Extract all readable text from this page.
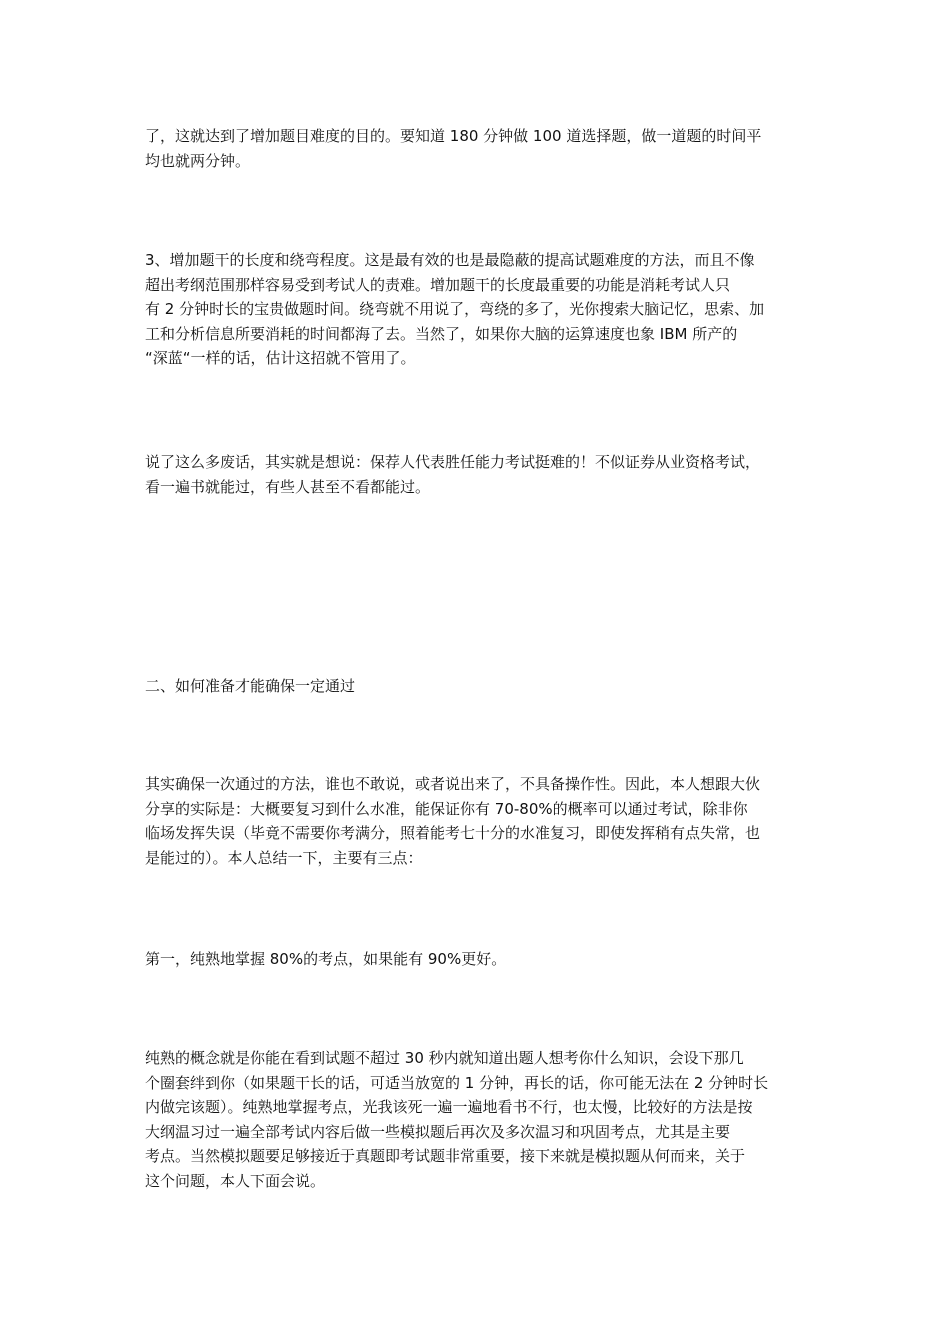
了，这就达到了增加题目难度的目的。要知道 180 分钟做 100 道选择题，做一道题的时间平
均也就两分钟。
3、增加题干的长度和绕弯程度。这是最有效的也是最隐蔽的提高试题难度的方法，而且不像
超出考纲范围那样容易受到考试人的责难。增加题干的长度最重要的功能是消耗考试人只
有 2 分钟时长的宝贵做题时间。绕弯就不用说了，弯绕的多了，光你搜索大脑记忆，思索、加
工和分析信息所要消耗的时间都海了去。当然了，如果你大脑的运算速度也象 IBM 所产的
“深蓝“一样的话，估计这招就不管用了。
说了这么多废话，其实就是想说：保荐人代表胜任能力考试挺难的！不似证券从业资格考试，
看一遍书就能过，有些人甚至不看都能过。
二、如何准备才能确保一定通过
其实确保一次通过的方法，谁也不敢说，或者说出来了，不具备操作性。因此，本人想跟大伙
分享的实际是：大概要复习到什么水准，能保证你有 70-80%的概率可以通过考试，除非你
临场发挥失误（毕竟不需要你考满分，照着能考七十分的水准复习，即使发挥稍有点失常，也
是能过的）。本人总结一下，主要有三点：
第一，纯熟地掌握 80%的考点，如果能有 90%更好。
纯熟的概念就是你能在看到试题不超过 30 秒内就知道出题人想考你什么知识，会设下那几
个圈套绊到你（如果题干长的话，可适当放宽的 1 分钟，再长的话，你可能无法在 2 分钟时长
内做完该题）。纯熟地掌握考点，光我该死一遍一遍地看书不行，也太慢，比较好的方法是按
大纲温习过一遍全部考试内容后做一些模拟题后再次及多次温习和巩固考点，尤其是主要
考点。当然模拟题要足够接近于真题即考试题非常重要，接下来就是模拟题从何而来，关于
这个问题，本人下面会说。
